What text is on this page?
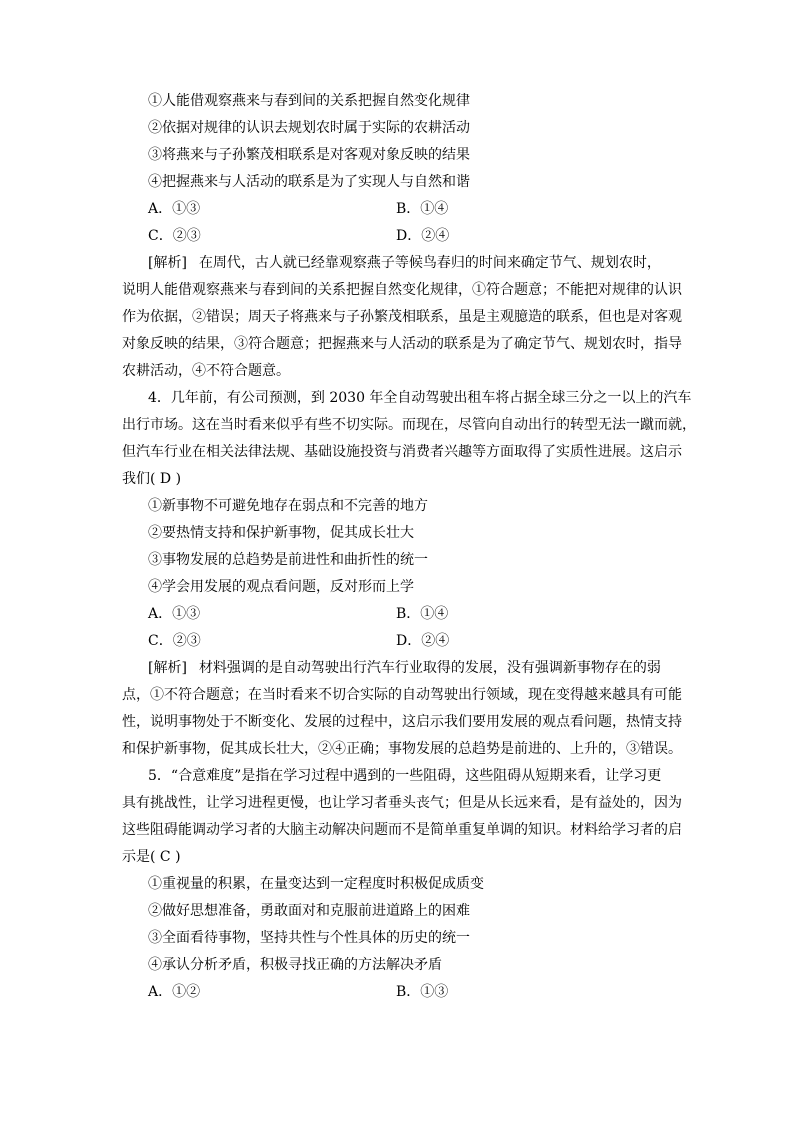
①人能借观察燕来与春到间的关系把握自然变化规律
②依据对规律的认识去规划农时属于实际的农耕活动
③将燕来与子孙繁茂相联系是对客观对象反映的结果
④把握燕来与人活动的联系是为了实现人与自然和谐
A．①③	B．①④
C．②③	D．②④
[解析] 在周代，古人就已经靠观察燕子等候鸟春归的时间来确定节气、规划农时，
说明人能借观察燕来与春到间的关系把握自然变化规律，①符合题意；不能把对规律的认识
作为依据，②错误；周天子将燕来与子孙繁茂相联系，虽是主观臆造的联系，但也是对客观
对象反映的结果，③符合题意；把握燕来与人活动的联系是为了确定节气、规划农时，指导
农耕活动，④不符合题意。
4．几年前，有公司预测，到 2030 年全自动驾驶出租车将占据全球三分之一以上的汽车
出行市场。这在当时看来似乎有些不切实际。而现在，尽管向自动出行的转型无法一蹴而就，
但汽车行业在相关法律法规、基础设施投资与消费者兴趣等方面取得了实质性进展。这启示
我们( D )
①新事物不可避免地存在弱点和不完善的地方
②要热情支持和保护新事物，促其成长壮大
③事物发展的总趋势是前进性和曲折性的统一
④学会用发展的观点看问题，反对形而上学
A．①③	B．①④
C．②③	D．②④
[解析] 材料强调的是自动驾驶出行汽车行业取得的发展，没有强调新事物存在的弱
点，①不符合题意；在当时看来不切合实际的自动驾驶出行领域，现在变得越来越具有可能
性，说明事物处于不断变化、发展的过程中，这启示我们要用发展的观点看问题，热情支持
和保护新事物，促其成长壮大，②④正确；事物发展的总趋势是前进的、上升的，③错误。
5．“合意难度”是指在学习过程中遇到的一些阻碍，这些阻碍从短期来看，让学习更
具有挑战性，让学习进程更慢，也让学习者垂头丧气；但是从长远来看，是有益处的，因为
这些阻碍能调动学习者的大脑主动解决问题而不是简单重复单调的知识。材料给学习者的启
示是( C )
①重视量的积累，在量变达到一定程度时积极促成质变
②做好思想准备，勇敢面对和克服前进道路上的困难
③全面看待事物，坚持共性与个性具体的历史的统一
④承认分析矛盾，积极寻找正确的方法解决矛盾
A．①②	B．①③
